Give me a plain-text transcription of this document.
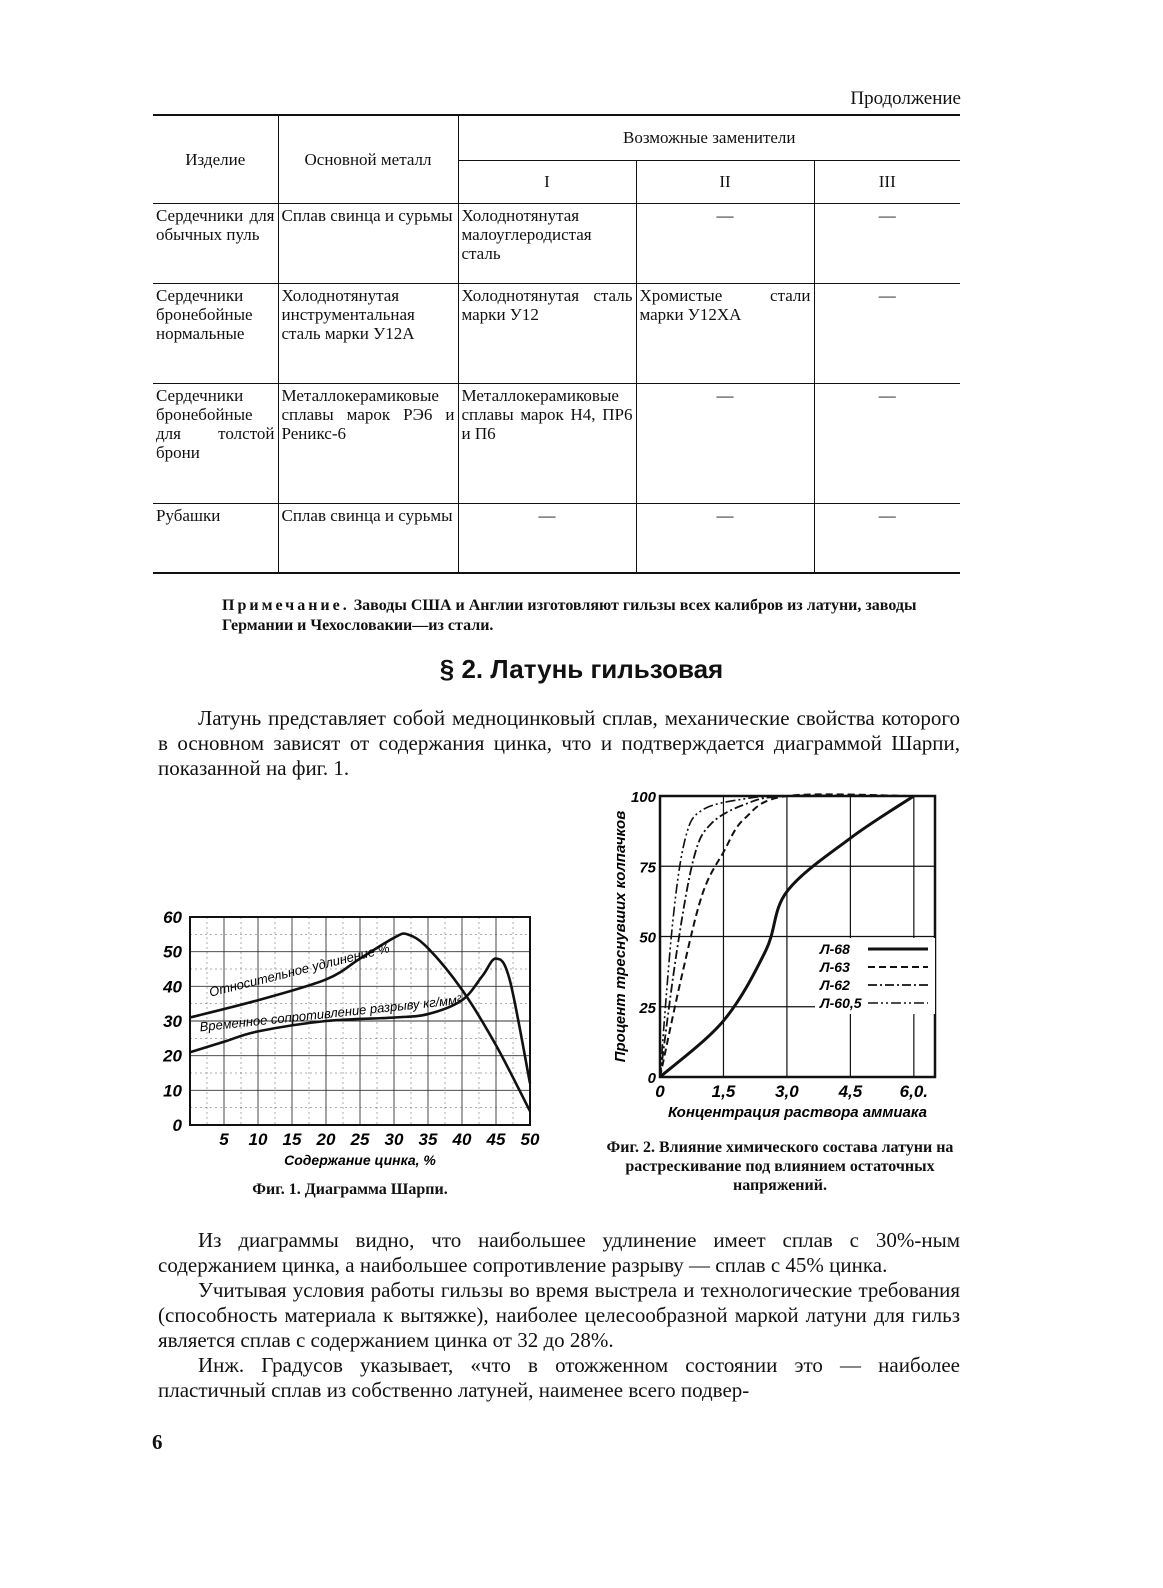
Продолжение
Изделие	Основной металл	Возможные заменители		
		I	II	III
Сердечники для обычных пуль	Сплав свинца и сурьмы	Холоднотянутая малоуглеродистая сталь	—	—
Сердечники бронебойные нормальные	Холоднотянутая инструментальная сталь марки У12А	Холоднотянутая сталь марки У12	Хромистые стали марки У12ХА	—
Сердечники бронебойные для толстой брони	Металлокерамиковые сплавы марок РЭ6 и Реникс-6	Металлокерамиковые сплавы марок Н4, ПР6 и П6	—	—
Рубашки	Сплав свинца и сурьмы	—	—	—
Примечание. Заводы США и Англии изготовляют гильзы всех калибров из латуни, заводы Германии и Чехословакии—из стали.
§ 2. Латунь гильзовая
Латунь представляет собой медноцинковый сплав, механические свойства которого в основном зависят от содержания цинка, что и подтверждается диаграммой Шарпи, показанной на фиг. 1.
0
10
20
30
40
50
60
5 10 15 20 25 30 35 40 45 50
Содержание цинка, %
Относительное удлинение %
Временное сопротивление разрыву кг/мм²
Фиг. 1. Диаграмма Шарпи.
0
25
50
75
100
0	1,5 3,0 4,5 6,0.
Концентрация раствора аммиака
Процент треснувших колпачков	Л-68
Л-63
Л-62
Л-60,5
Фиг. 2. Влияние химического состава латуни на растрескивание под влиянием остаточных напряжений.
Из диаграммы видно, что наибольшее удлинение имеет сплав с 30%-ным содержанием цинка, а наибольшее сопротивление разрыву — сплав с 45% цинка.
Учитывая условия работы гильзы во время выстрела и технологические требования (способность материала к вытяжке), наиболее целесообразной маркой латуни для гильз является сплав с содержанием цинка от 32 до 28%.
Инж. Градусов указывает, «что в отожженном состоянии это — наиболее пластичный сплав из собственно латуней, наименее всего подвер-
6
